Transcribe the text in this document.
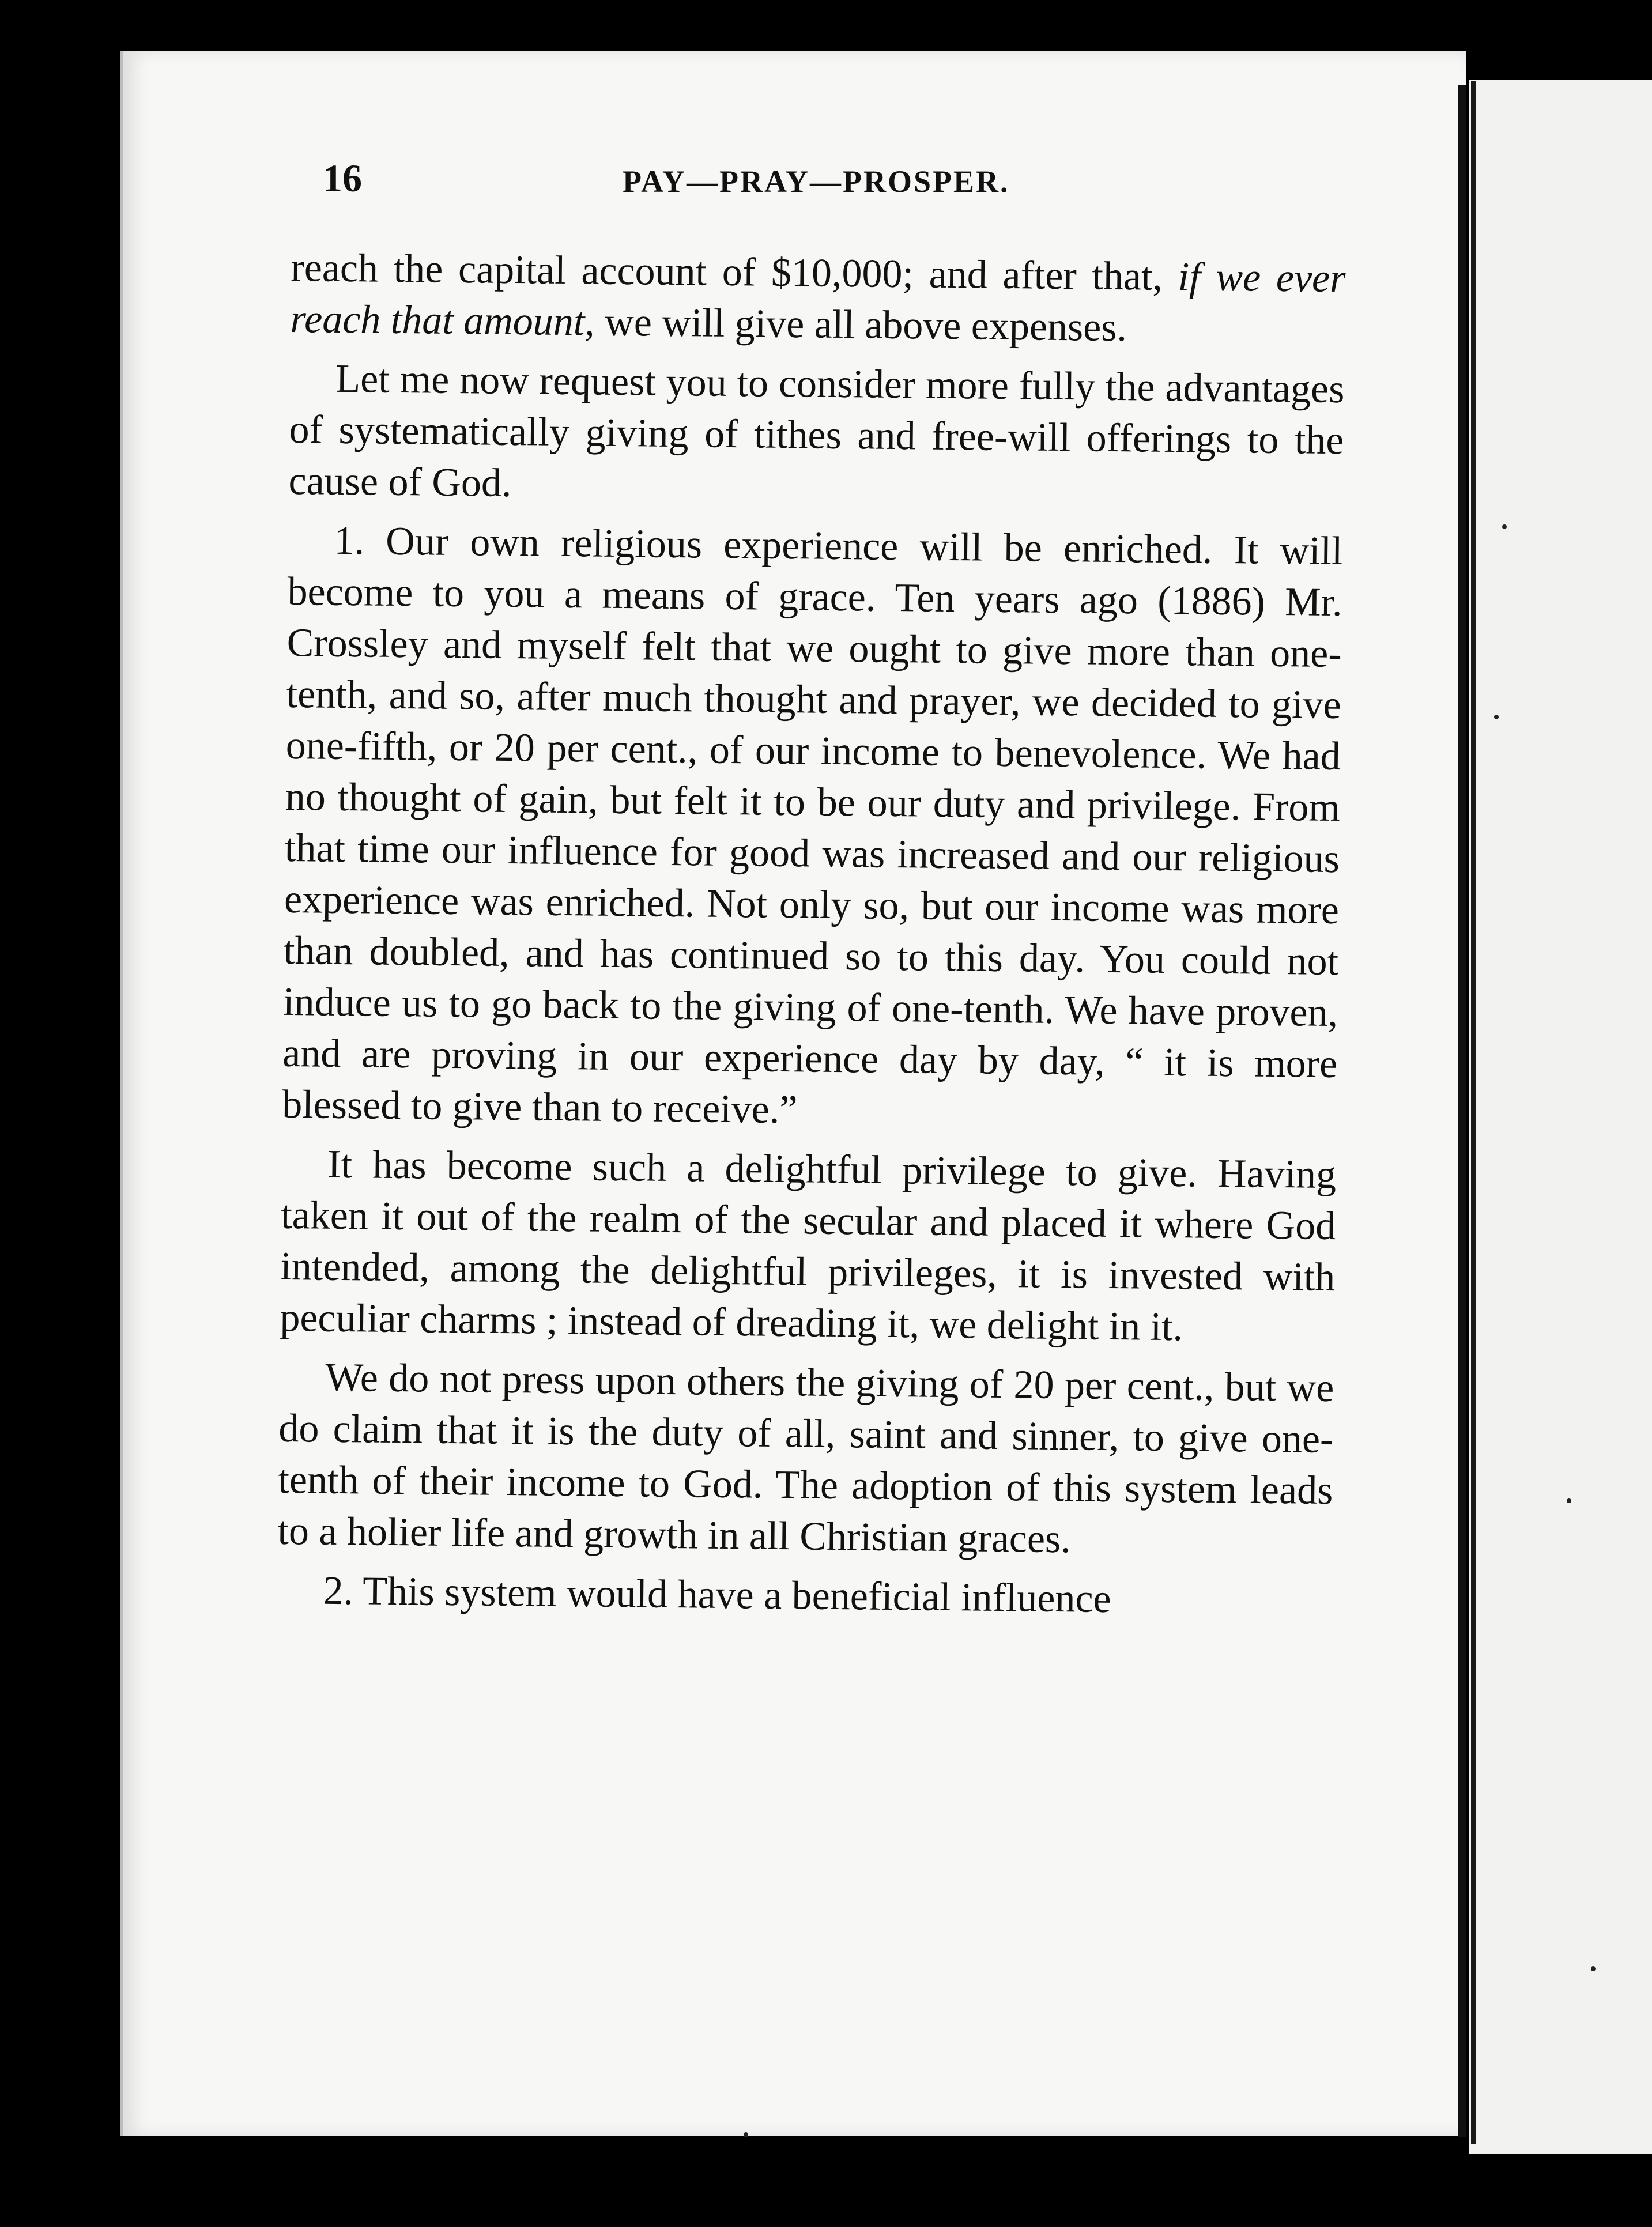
16	PAY—PRAY—PROSPER.

reach the capital account of $10,000; and after that, if we ever reach that amount, we will give all above expenses.

Let me now request you to consider more fully the advantages of systematically giving of tithes and free-will offerings to the cause of God.

1. Our own religious experience will be enriched. It will become to you a means of grace. Ten years ago (1886) Mr. Crossley and myself felt that we ought to give more than one-tenth, and so, after much thought and prayer, we decided to give one-fifth, or 20 per cent., of our income to benevolence. We had no thought of gain, but felt it to be our duty and privilege. From that time our influence for good was increased and our religious experience was enriched. Not only so, but our income was more than doubled, and has continued so to this day. You could not induce us to go back to the giving of one-tenth. We have proven, and are proving in our experience day by day, “ it is more blessed to give than to receive.”

It has become such a delightful privilege to give. Having taken it out of the realm of the secular and placed it where God intended, among the delightful privileges, it is invested with peculiar charms ; instead of dreading it, we delight in it.

We do not press upon others the giving of 20 per cent., but we do claim that it is the duty of all, saint and sinner, to give one-tenth of their income to God. The adoption of this system leads to a holier life and growth in all Christian graces.

2. This system would have a beneficial influence
